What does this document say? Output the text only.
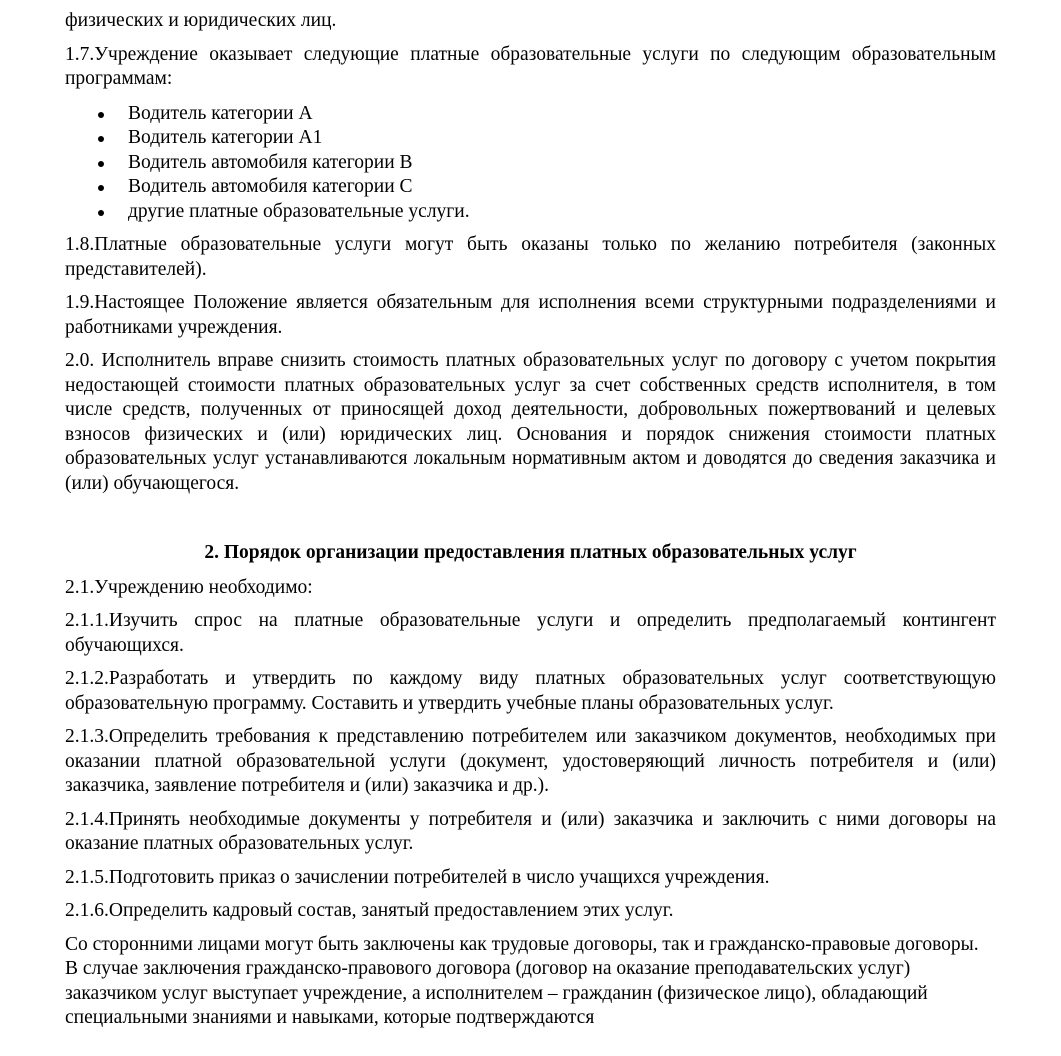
физических и юридических лиц.

1.7.Учреждение оказывает следующие платные образовательные услуги по следующим образовательным программам:

Водитель категории А
Водитель категории А1
Водитель автомобиля категории В
Водитель автомобиля категории С
другие платные образовательные услуги.

1.8.Платные образовательные услуги могут быть оказаны только по желанию потребителя (законных представителей).

1.9.Настоящее Положение является обязательным для исполнения всеми структурными подразделениями и работниками учреждения.

2.0. Исполнитель вправе снизить стоимость платных образовательных услуг по договору с учетом покрытия недостающей стоимости платных образовательных услуг за счет собственных средств исполнителя, в том числе средств, полученных от приносящей доход деятельности, добровольных пожертвований и целевых взносов физических и (или) юридических лиц. Основания и порядок снижения стоимости платных образовательных услуг устанавливаются локальным нормативным актом и доводятся до сведения заказчика и (или) обучающегося.

2. Порядок организации предоставления платных образовательных услуг

2.1.Учреждению необходимо:

2.1.1.Изучить спрос на платные образовательные услуги и определить предполагаемый контингент обучающихся.

2.1.2.Разработать и утвердить по каждому виду платных образовательных услуг соответствующую образовательную программу. Составить и утвердить учебные планы образовательных услуг.

2.1.3.Определить требования к представлению потребителем или заказчиком документов, необходимых при оказании платной образовательной услуги (документ, удостоверяющий личность потребителя и (или) заказчика, заявление потребителя и (или) заказчика и др.).

2.1.4.Принять необходимые документы у потребителя и (или) заказчика и заключить с ними договоры на оказание платных образовательных услуг.

2.1.5.Подготовить приказ о зачислении потребителей в число учащихся учреждения.

2.1.6.Определить кадровый состав, занятый предоставлением этих услуг.

Со сторонними лицами могут быть заключены как трудовые договоры, так и гражданско-правовые договоры. В случае заключения гражданско-правового договора (договор на оказание преподавательских услуг) заказчиком услуг выступает учреждение, а исполнителем – гражданин (физическое лицо), обладающий специальными знаниями и навыками, которые подтверждаются
